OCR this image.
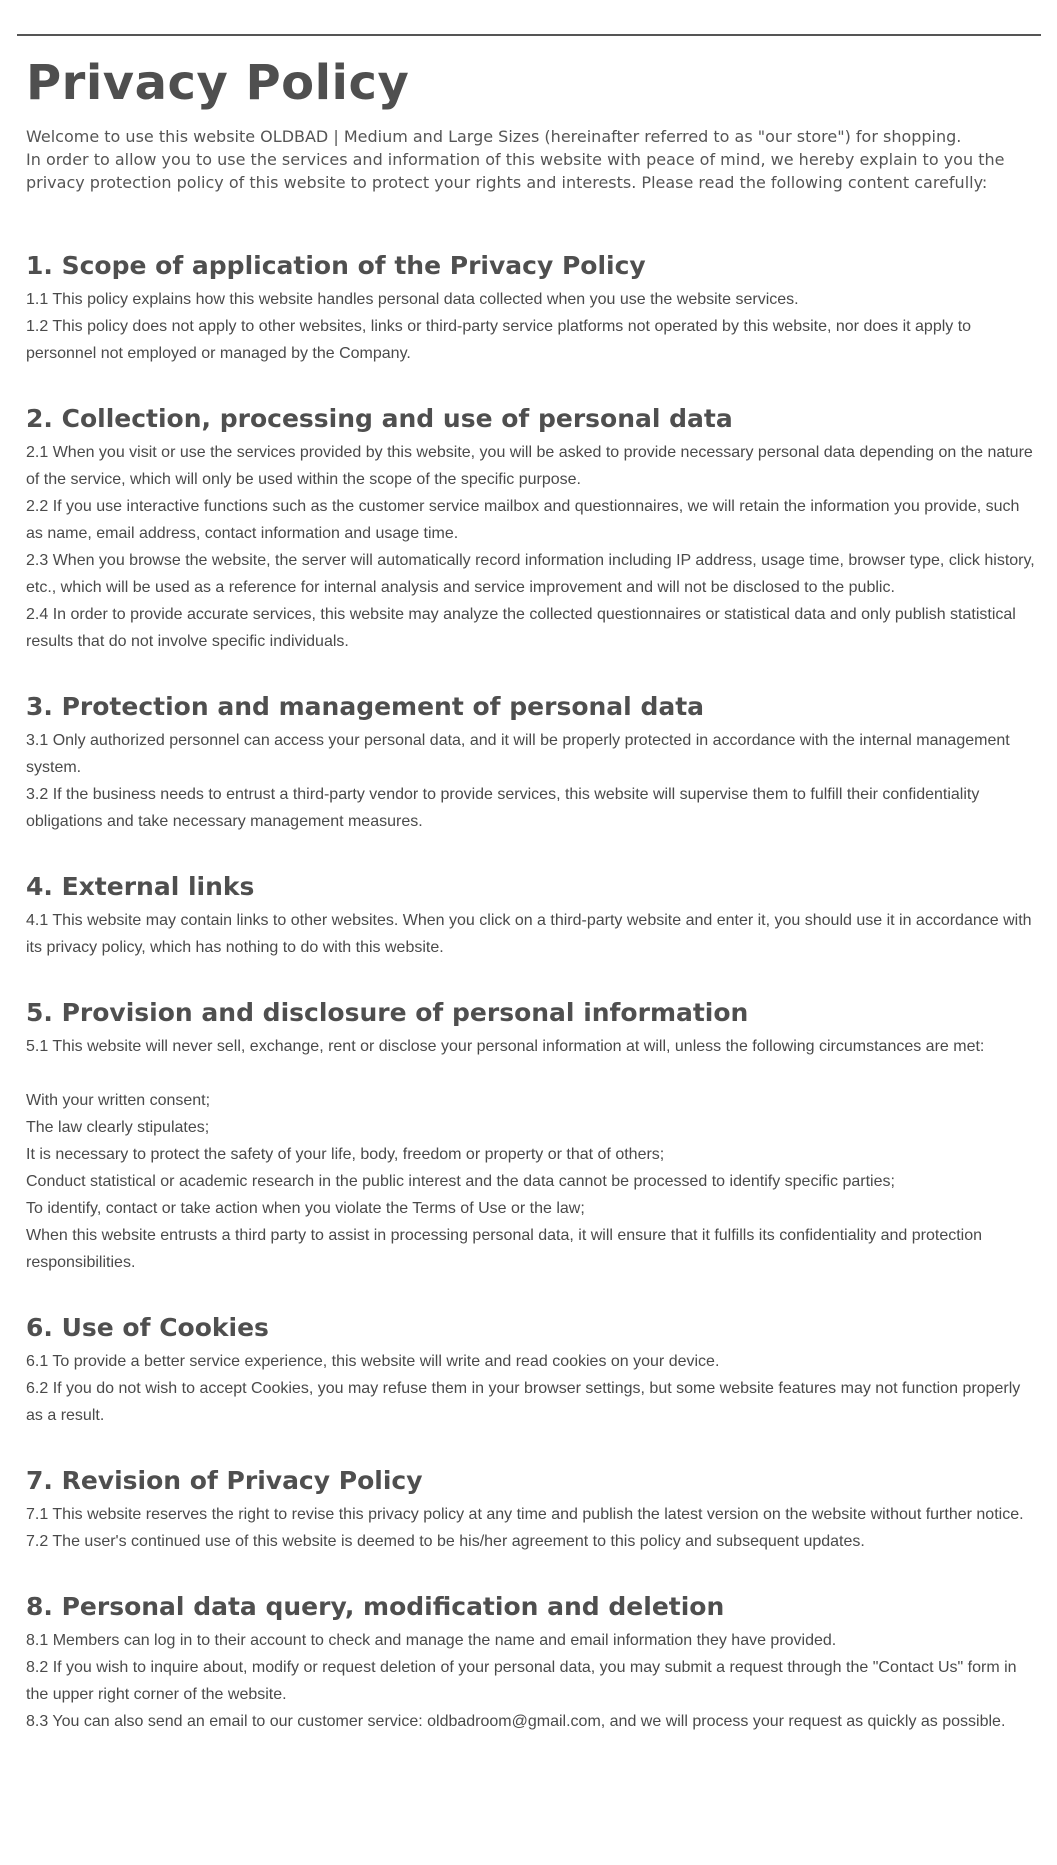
Privacy Policy

Welcome to use this website OLDBAD | Medium and Large Sizes (hereinafter referred to as "our store") for shopping.

In order to allow you to use the services and information of this website with peace of mind, we hereby explain to you the privacy protection policy of this website to protect your rights and interests. Please read the following content carefully:

1. Scope of application of the Privacy Policy

1.1 This policy explains how this website handles personal data collected when you use the website services.

1.2 This policy does not apply to other websites, links or third-party service platforms not operated by this website, nor does it apply to personnel not employed or managed by the Company.

2. Collection, processing and use of personal data

2.1 When you visit or use the services provided by this website, you will be asked to provide necessary personal data depending on the nature of the service, which will only be used within the scope of the specific purpose.

2.2 If you use interactive functions such as the customer service mailbox and questionnaires, we will retain the information you provide, such as name, email address, contact information and usage time.

2.3 When you browse the website, the server will automatically record information including IP address, usage time, browser type, click history, etc., which will be used as a reference for internal analysis and service improvement and will not be disclosed to the public.

2.4 In order to provide accurate services, this website may analyze the collected questionnaires or statistical data and only publish statistical results that do not involve specific individuals.

3. Protection and management of personal data

3.1 Only authorized personnel can access your personal data, and it will be properly protected in accordance with the internal management system.

3.2 If the business needs to entrust a third-party vendor to provide services, this website will supervise them to fulfill their confidentiality obligations and take necessary management measures.

4. External links

4.1 This website may contain links to other websites. When you click on a third-party website and enter it, you should use it in accordance with its privacy policy, which has nothing to do with this website.

5. Provision and disclosure of personal information

5.1 This website will never sell, exchange, rent or disclose your personal information at will, unless the following circumstances are met:

With your written consent;

The law clearly stipulates;

It is necessary to protect the safety of your life, body, freedom or property or that of others;

Conduct statistical or academic research in the public interest and the data cannot be processed to identify specific parties;

To identify, contact or take action when you violate the Terms of Use or the law;

When this website entrusts a third party to assist in processing personal data, it will ensure that it fulfills its confidentiality and protection responsibilities.

6. Use of Cookies

6.1 To provide a better service experience, this website will write and read cookies on your device.

6.2 If you do not wish to accept Cookies, you may refuse them in your browser settings, but some website features may not function properly as a result.

7. Revision of Privacy Policy

7.1 This website reserves the right to revise this privacy policy at any time and publish the latest version on the website without further notice.

7.2 The user's continued use of this website is deemed to be his/her agreement to this policy and subsequent updates.

8. Personal data query, modification and deletion

8.1 Members can log in to their account to check and manage the name and email information they have provided.

8.2 If you wish to inquire about, modify or request deletion of your personal data, you may submit a request through the "Contact Us" form in the upper right corner of the website.

8.3 You can also send an email to our customer service: oldbadroom@gmail.com, and we will process your request as quickly as possible.
